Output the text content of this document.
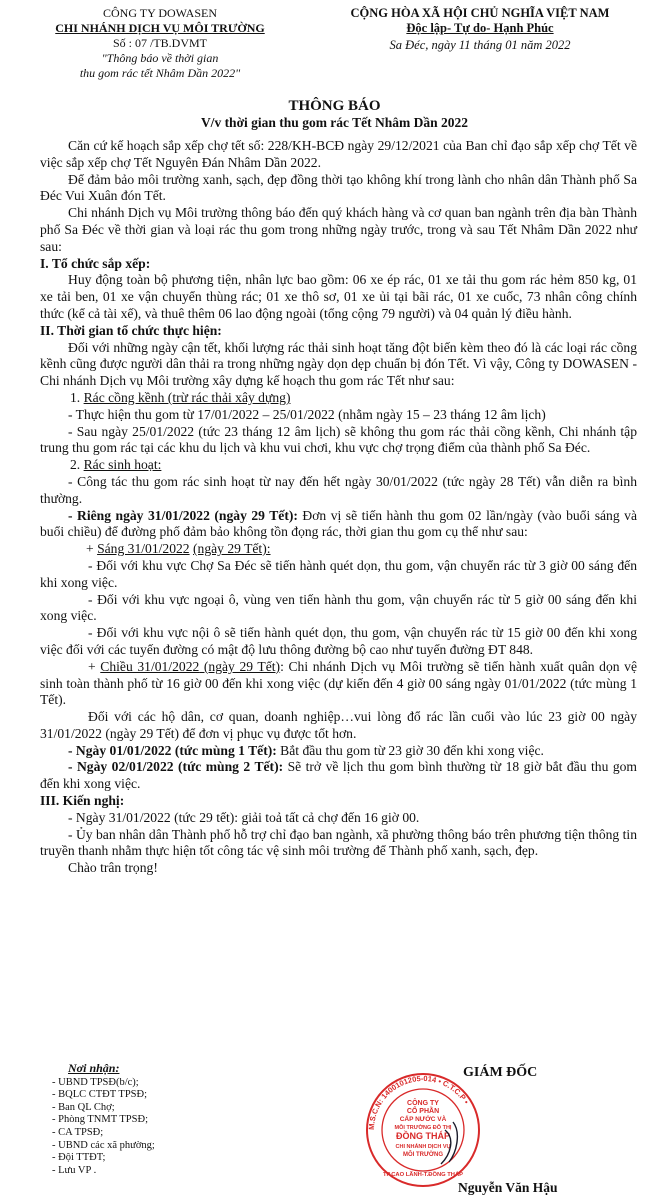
CÔNG TY DOWASEN
CHI NHÁNH DỊCH VỤ MÔI TRƯỜNG
Số : 07 /TB.DVMT
"Thông báo về thời gian
thu gom rác tết Nhâm Dần 2022"
CỘNG HÒA XÃ HỘI CHỦ NGHĨA VIỆT NAM
Độc lập- Tự do- Hạnh Phúc
Sa Đéc, ngày 11 tháng 01 năm 2022
THÔNG BÁO
V/v thời gian thu gom rác Tết Nhâm Dần 2022

Căn cứ kế hoạch sắp xếp chợ tết số: 228/KH-BCĐ ngày 29/12/2021 của Ban chỉ đạo sắp xếp chợ Tết về việc sắp xếp chợ Tết Nguyên Đán Nhâm Dần 2022.

Để đảm bảo môi trường xanh, sạch, đẹp đồng thời tạo không khí trong lành cho nhân dân Thành phố Sa Đéc Vui Xuân đón Tết.

Chi nhánh Dịch vụ Môi trường thông báo đến quý khách hàng và cơ quan ban ngành trên địa bàn Thành phố Sa Đéc về thời gian và loại rác thu gom trong những ngày trước, trong và sau Tết Nhâm Dần 2022 như sau:

I. Tổ chức sắp xếp:

Huy động toàn bộ phương tiện, nhân lực bao gồm: 06 xe ép rác, 01 xe tải thu gom rác hẻm 850 kg, 01 xe tải ben, 01 xe vận chuyển thùng rác; 01 xe thô sơ, 01 xe ủi tại bãi rác, 01 xe cuốc, 73 nhân công chính thức (kể cả tài xế), và thuê thêm 06 lao động ngoài (tổng cộng 79 người) và 04 quản lý điều hành.

II. Thời gian tổ chức thực hiện:

Đối với những ngày cận tết, khối lượng rác thải sinh hoạt tăng đột biến kèm theo đó là các loại rác cồng kềnh cũng được người dân thải ra trong những ngày dọn dẹp chuẩn bị đón Tết. Vì vậy, Công ty DOWASEN - Chi nhánh Dịch vụ Môi trường xây dựng kế hoạch thu gom rác Tết như sau:

1. Rác cồng kềnh (trừ rác thải xây dựng)

- Thực hiện thu gom từ 17/01/2022 – 25/01/2022 (nhằm ngày 15 – 23 tháng 12 âm lịch)

- Sau ngày 25/01/2022 (tức 23 tháng 12 âm lịch) sẽ không thu gom rác thải cồng kềnh, Chi nhánh tập trung thu gom rác tại các khu du lịch và khu vui chơi, khu vực chợ trọng điểm của thành phố Sa Đéc.

2. Rác sinh hoạt:

- Công tác thu gom rác sinh hoạt từ nay đến hết ngày 30/01/2022 (tức ngày 28 Tết) vẫn diễn ra bình thường.

- Riêng ngày 31/01/2022 (ngày 29 Tết): Đơn vị sẽ tiến hành thu gom 02 lần/ngày (vào buổi sáng và buổi chiều) để đường phố đảm bảo không tồn đọng rác, thời gian thu gom cụ thể như sau:

+ Sáng 31/01/2022 (ngày 29 Tết):

- Đối với khu vực Chợ Sa Đéc sẽ tiến hành quét dọn, thu gom, vận chuyển rác từ 3 giờ 00 sáng đến khi xong việc.

- Đối với khu vực ngoại ô, vùng ven tiến hành thu gom, vận chuyển rác từ 5 giờ 00 sáng đến khi xong việc.

- Đối với khu vực nội ô sẽ tiến hành quét dọn, thu gom, vận chuyển rác từ 15 giờ 00 đến khi xong việc đối với các tuyến đường có mật độ lưu thông đường bộ cao như tuyến đường ĐT 848.

+ Chiều 31/01/2022 (ngày 29 Tết): Chi nhánh Dịch vụ Môi trường sẽ tiến hành xuất quân dọn vệ sinh toàn thành phố từ 16 giờ 00 đến khi xong việc (dự kiến đến 4 giờ 00 sáng ngày 01/01/2022 (tức mùng 1 Tết).

Đối với các hộ dân, cơ quan, doanh nghiệp…vui lòng đổ rác lần cuối vào lúc 23 giờ 00 ngày 31/01/2022 (ngày 29 Tết) để đơn vị phục vụ được tốt hơn.

- Ngày 01/01/2022 (tức mùng 1 Tết): Bắt đầu thu gom từ 23 giờ 30 đến khi xong việc.

- Ngày 02/01/2022 (tức mùng 2 Tết): Sẽ trở về lịch thu gom bình thường từ 18 giờ bắt đầu thu gom đến khi xong việc.

III. Kiến nghị:

- Ngày 31/01/2022 (tức 29 tết): giải toả tất cả chợ đến 16 giờ 00.

- Ủy ban nhân dân Thành phố hỗ trợ chỉ đạo ban ngành, xã phường thông báo trên phương tiện thông tin truyền thanh nhằm thực hiện tốt công tác vệ sinh môi trường để Thành phố xanh, sạch, đẹp.

Chào trân trọng!

Nơi nhận:
- UBND TPSĐ(b/c);
- BQLC CTĐT TPSĐ;
- Ban QL Chợ;
- Phòng TNMT TPSĐ;
- CA TPSĐ;
- UBND các xã phường;
- Đội TTĐT;
- Lưu VP .
GIÁM ĐỐC
M.S.C.N: 1400101205-014 • C.T.C.P •
CÔNG TY
CỔ PHẦN
CẤP NƯỚC VÀ
MÔI TRƯỜNG ĐÔ THỊ
ĐỒNG THÁP
CHI NHÁNH DỊCH VỤ
MÔI TRƯỜNG
TP.CAO LÃNH-T.ĐỒNG THÁP
Nguyễn Văn Hậu
